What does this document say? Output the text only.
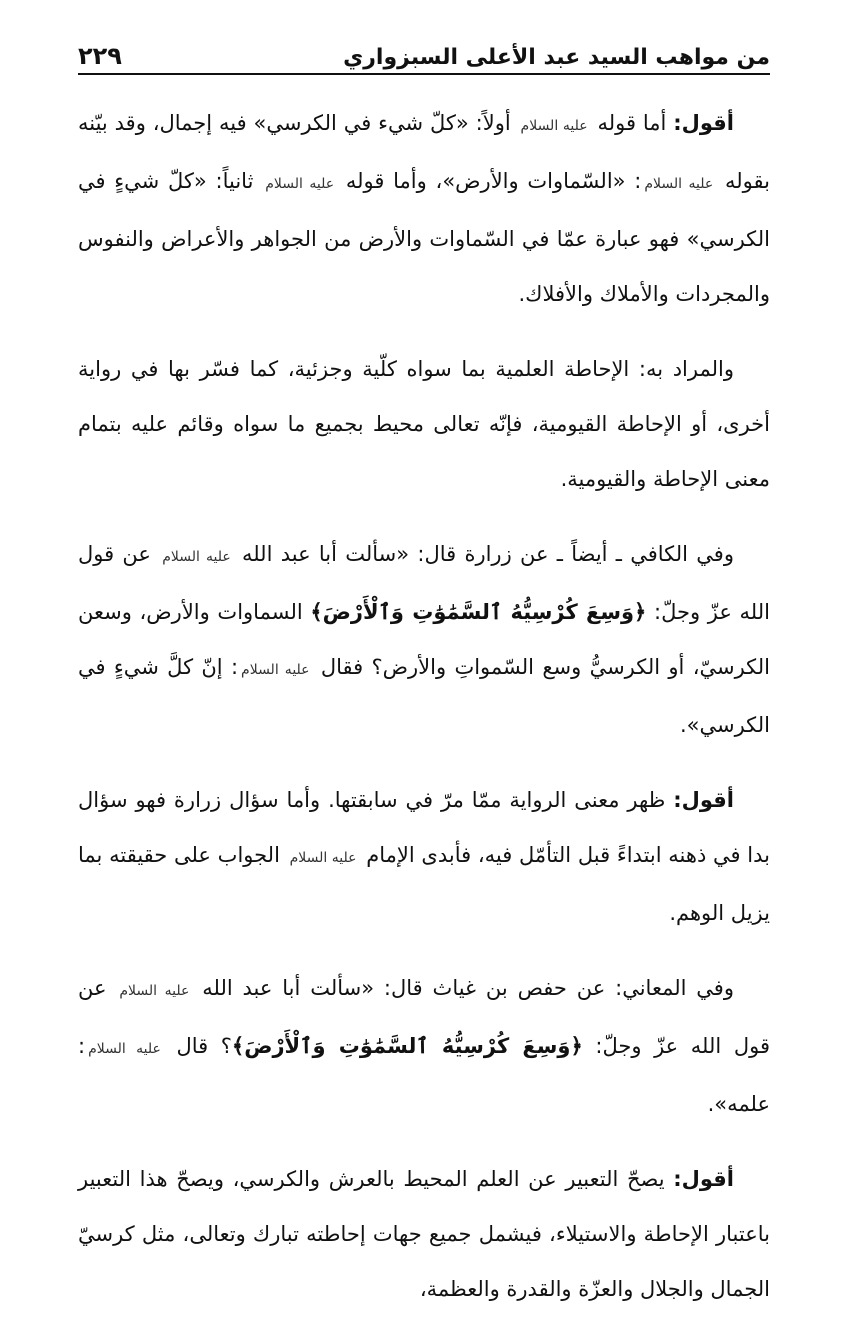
٢٢٩	من مواهب السيد عبد الأعلى السبزواري

أقول: أما قوله عليه السلام أولاً: «كلّ شيء في الكرسي» فيه إجمال، وقد بيّنه بقوله عليه السلام: «السّماوات والأرض»، وأما قوله عليه السلام ثانياً: «كلّ شيءٍ في الكرسي» فهو عبارة عمّا في السّماوات والأرض من الجواهر والأعراض والنفوس والمجردات والأملاك والأفلاك.

والمراد به: الإحاطة العلمية بما سواه كلّية وجزئية، كما فسّر بها في رواية أخرى، أو الإحاطة القيومية، فإنّه تعالى محيط بجميع ما سواه وقائم عليه بتمام معنى الإحاطة والقيومية.

وفي الكافي ـ أيضاً ـ عن زرارة قال: «سألت أبا عبد الله عليه السلام عن قول الله عزّ وجلّ: ﴿وَسِعَ كُرْسِيُّهُ ٱلسَّمَٰوَٰتِ وَٱلْأَرْضَ﴾ السماوات والأرض، وسعن الكرسيّ، أو الكرسيُّ وسع السّمواتِ والأرض؟ فقال عليه السلام: إنّ كلَّ شيءٍ في الكرسي».

أقول: ظهر معنى الرواية ممّا مرّ في سابقتها. وأما سؤال زرارة فهو سؤال بدا في ذهنه ابتداءً قبل التأمّل فيه، فأبدى الإمام عليه السلام الجواب على حقيقته بما يزيل الوهم.

وفي المعاني: عن حفص بن غياث قال: «سألت أبا عبد الله عليه السلام عن قول الله عزّ وجلّ: ﴿وَسِعَ كُرْسِيُّهُ ٱلسَّمَٰوَٰتِ وَٱلْأَرْضَ﴾؟ قال عليه السلام: علمه».

أقول: يصحّ التعبير عن العلم المحيط بالعرش والكرسي، ويصحّ هذا التعبير باعتبار الإحاطة والاستيلاء، فيشمل جميع جهات إحاطته تبارك وتعالى، مثل كرسيّ الجمال والجلال والعزّة والقدرة والعظمة،
